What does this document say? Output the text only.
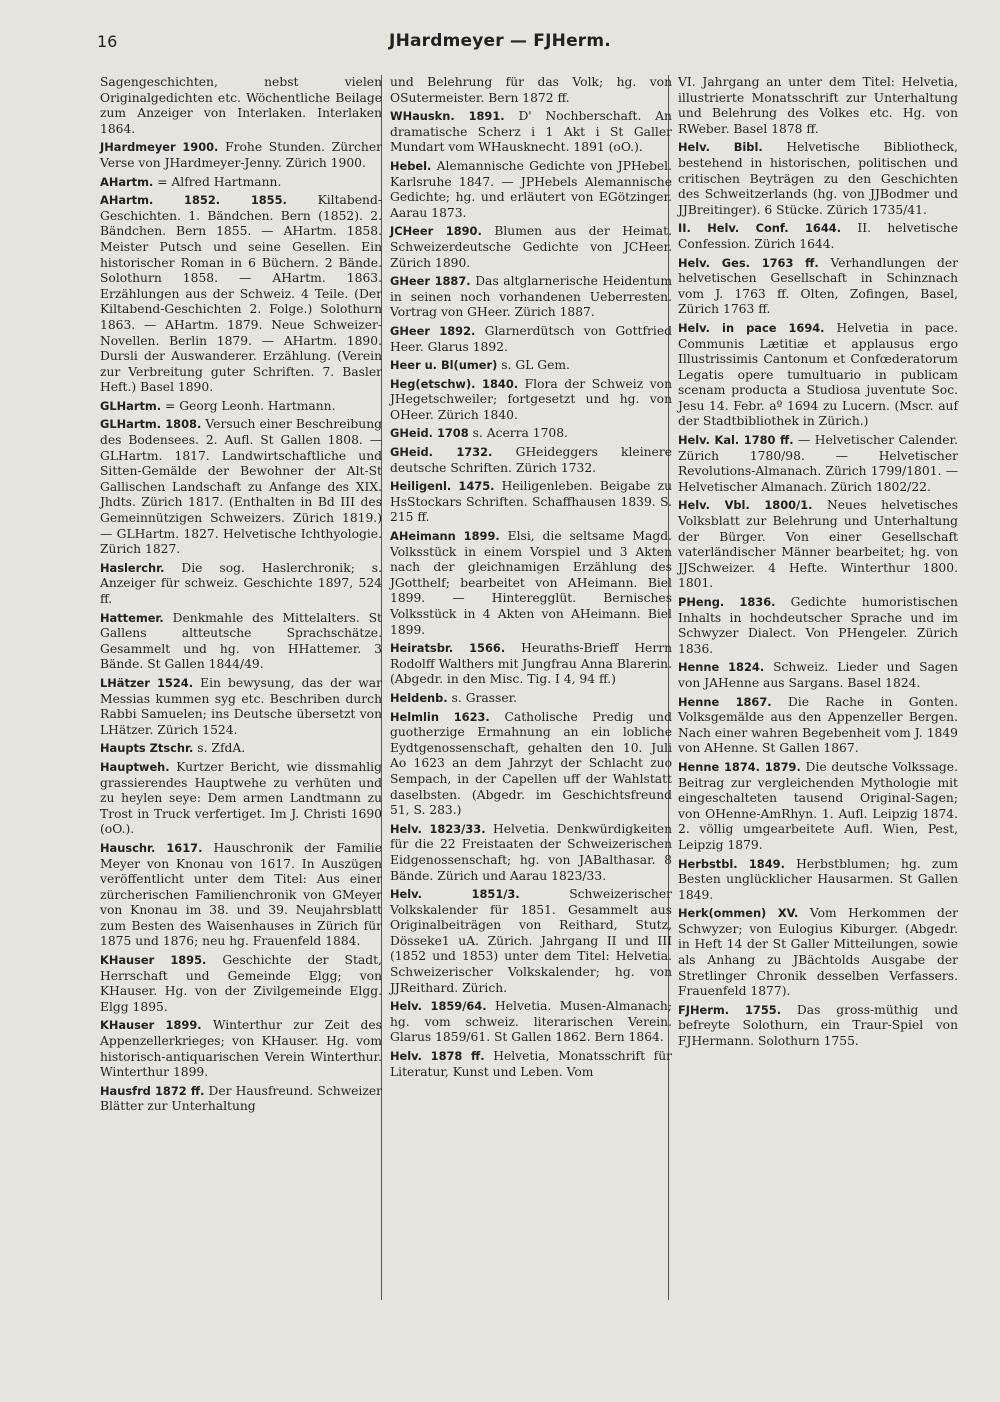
16	JHardmeyer — FJHerm.

Sagengeschichten, nebst vielen Originalgedichten etc. Wöchentliche Beilage zum Anzeiger von Interlaken. Interlaken 1864.

JHardmeyer 1900. Frohe Stunden. Zürcher Verse von JHardmeyer-Jenny. Zürich 1900.

AHartm. = Alfred Hartmann.

AHartm. 1852. 1855. Kiltabend-Geschichten. 1. Bändchen. Bern (1852). 2. Bändchen. Bern 1855. — AHartm. 1858. Meister Putsch und seine Gesellen. Ein historischer Roman in 6 Büchern. 2 Bände. Solothurn 1858. — AHartm. 1863. Erzählungen aus der Schweiz. 4 Teile. (Der Kiltabend-Geschichten 2. Folge.) Solothurn 1863. — AHartm. 1879. Neue Schweizer-Novellen. Berlin 1879. — AHartm. 1890. Dursli der Auswanderer. Erzählung. (Verein zur Verbreitung guter Schriften. 7. Basler Heft.) Basel 1890.

GLHartm. = Georg Leonh. Hartmann.

GLHartm. 1808. Versuch einer Beschreibung des Bodensees. 2. Aufl. St Gallen 1808. — GLHartm. 1817. Landwirtschaftliche und Sitten-Gemälde der Bewohner der Alt-St Gallischen Landschaft zu Anfange des XIX. Jhdts. Zürich 1817. (Enthalten in Bd III des Gemeinnützigen Schweizers. Zürich 1819.) — GLHartm. 1827. Helvetische Ichthyologie. Zürich 1827.

Haslerchr. Die sog. Haslerchronik; s. Anzeiger für schweiz. Geschichte 1897, 524 ff.

Hattemer. Denkmahle des Mittelalters. St Gallens altteutsche Sprachschätze. Gesammelt und hg. von HHattemer. 3 Bände. St Gallen 1844/49.

LHätzer 1524. Ein bewysung, das der war Messias kummen syg etc. Beschriben durch Rabbi Samuelen; ins Deutsche übersetzt von LHätzer. Zürich 1524.

Haupts Ztschr. s. ZfdA.

Hauptweh. Kurtzer Bericht, wie dissmahlig grassierendes Hauptwehe zu verhüten und zu heylen seye: Dem armen Landtmann zu Trost in Truck verfertiget. Im J. Christi 1690 (oO.).

Hauschr. 1617. Hauschronik der Familie Meyer von Knonau von 1617. In Auszügen veröffentlicht unter dem Titel: Aus einer zürcherischen Familienchronik von GMeyer von Knonau im 38. und 39. Neujahrsblatt zum Besten des Waisenhauses in Zürich für 1875 und 1876; neu hg. Frauenfeld 1884.

KHauser 1895. Geschichte der Stadt, Herrschaft und Gemeinde Elgg; von KHauser. Hg. von der Zivilgemeinde Elgg. Elgg 1895.

KHauser 1899. Winterthur zur Zeit des Appenzellerkrieges; von KHauser. Hg. vom historisch-antiquarischen Verein Winterthur. Winterthur 1899.

Hausfrd 1872 ff. Der Hausfreund. Schweizer Blätter zur Unterhaltung

und Belehrung für das Volk; hg. von OSutermeister. Bern 1872 ff.

WHauskn. 1891. D' Nochberschaft. An dramatische Scherz i 1 Akt i St Galler Mundart vom WHausknecht. 1891 (oO.).

Hebel. Alemannische Gedichte von JPHebel. Karlsruhe 1847. — JPHebels Alemannische Gedichte; hg. und erläutert von EGötzinger. Aarau 1873.

JCHeer 1890. Blumen aus der Heimat. Schweizerdeutsche Gedichte von JCHeer. Zürich 1890.

GHeer 1887. Das altglarnerische Heidentum in seinen noch vorhandenen Ueberresten. Vortrag von GHeer. Zürich 1887.

GHeer 1892. Glarnerdütsch von Gottfried Heer. Glarus 1892.

Heer u. Bl(umer) s. GL Gem.

Heg(etschw). 1840. Flora der Schweiz von JHegetschweiler; fortgesetzt und hg. von OHeer. Zürich 1840.

GHeid. 1708 s. Acerra 1708.

GHeid. 1732. GHeideggers kleinere deutsche Schriften. Zürich 1732.

Heiligenl. 1475. Heiligenleben. Beigabe zu HsStockars Schriften. Schaffhausen 1839. S. 215 ff.

AHeimann 1899. Elsi, die seltsame Magd. Volksstück in einem Vorspiel und 3 Akten nach der gleichnamigen Erzählung des JGotthelf; bearbeitet von AHeimann. Biel 1899. — Hinteregglüt. Bernisches Volksstück in 4 Akten von AHeimann. Biel 1899.

Heiratsbr. 1566. Heuraths-Brieff Herrn Rodolff Walthers mit Jungfrau Anna Blarerin. (Abgedr. in den Misc. Tig. I 4, 94 ff.)

Heldenb. s. Grasser.

Helmlin 1623. Catholische Predig und guotherzige Ermahnung an ein lobliche Eydtgenossenschaft, gehalten den 10. Juli Ao 1623 an dem Jahrzyt der Schlacht zuo Sempach, in der Capellen uff der Wahlstatt daselbsten. (Abgedr. im Geschichtsfreund 51, S. 283.)

Helv. 1823/33. Helvetia. Denkwürdigkeiten für die 22 Freistaaten der Schweizerischen Eidgenossenschaft; hg. von JABalthasar. 8 Bände. Zürich und Aarau 1823/33.

Helv. 1851/3.	Schweizerischer Volkskalender für 1851. Gesammelt aus Originalbeiträgen von Reithard, Stutz, Dösseke1 uA. Zürich. Jahrgang II und III (1852 und 1853) unter dem Titel: Helvetia. Schweizerischer Volkskalender; hg. von JJReithard. Zürich.

Helv. 1859/64. Helvetia. Musen-Almanach; hg. vom schweiz. literarischen Verein. Glarus 1859/61. St Gallen 1862. Bern 1864.

Helv. 1878 ff. Helvetia, Monatsschrift für Literatur, Kunst und Leben. Vom

VI. Jahrgang an unter dem Titel: Helvetia, illustrierte Monatsschrift zur Unterhaltung und Belehrung des Volkes etc. Hg. von RWeber. Basel 1878 ff.

Helv. Bibl. Helvetische Bibliotheck, bestehend in historischen, politischen und critischen Beyträgen zu den Geschichten des Schweitzerlands (hg. von JJBodmer und JJBreitinger). 6 Stücke. Zürich 1735/41.

II. Helv. Conf. 1644. II. helvetische Confession. Zürich 1644.

Helv. Ges. 1763 ff. Verhandlungen der helvetischen Gesellschaft in Schinznach vom J. 1763 ff. Olten, Zofingen, Basel, Zürich 1763 ff.

Helv. in pace 1694. Helvetia in pace. Communis Lætitiæ et applausus ergo Illustrissimis Cantonum et Confœderatorum Legatis opere tumultuario in publicam scenam producta a Studiosa juventute Soc. Jesu 14. Febr. aº 1694 zu Lucern. (Mscr. auf der Stadtbibliothek in Zürich.)

Helv. Kal. 1780 ff. — Helvetischer Calender. Zürich 1780/98. — Helvetischer Revolutions-Almanach. Zürich 1799/1801. — Helvetischer Almanach. Zürich 1802/22.

Helv. Vbl. 1800/1. Neues helvetisches Volksblatt zur Belehrung und Unterhaltung der Bürger. Von einer Gesellschaft vaterländischer Männer bearbeitet; hg. von JJSchweizer. 4 Hefte. Winterthur 1800. 1801.

PHeng. 1836. Gedichte humoristischen Inhalts in hochdeutscher Sprache und im Schwyzer Dialect. Von PHengeler. Zürich 1836.

Henne 1824. Schweiz. Lieder und Sagen von JAHenne aus Sargans. Basel 1824.

Henne 1867. Die Rache in Gonten. Volksgemälde aus den Appenzeller Bergen. Nach einer wahren Begebenheit vom J. 1849 von AHenne. St Gallen 1867.

Henne 1874. 1879. Die deutsche Volkssage. Beitrag zur vergleichenden Mythologie mit eingeschalteten tausend Original-Sagen; von OHenne-AmRhyn. 1. Aufl. Leipzig 1874. 2. völlig umgearbeitete Aufl. Wien, Pest, Leipzig 1879.

Herbstbl. 1849. Herbstblumen; hg. zum Besten unglücklicher Hausarmen. St Gallen 1849.

Herk(ommen) XV. Vom Herkommen der Schwyzer; von Eulogius Kiburger. (Abgedr. in Heft 14 der St Galler Mitteilungen, sowie als Anhang zu JBächtolds Ausgabe der Stretlinger Chronik desselben Verfassers. Frauenfeld 1877).

FJHerm. 1755. Das gross-müthig und befreyte Solothurn, ein Traur-Spiel von FJHermann. Solothurn 1755.
